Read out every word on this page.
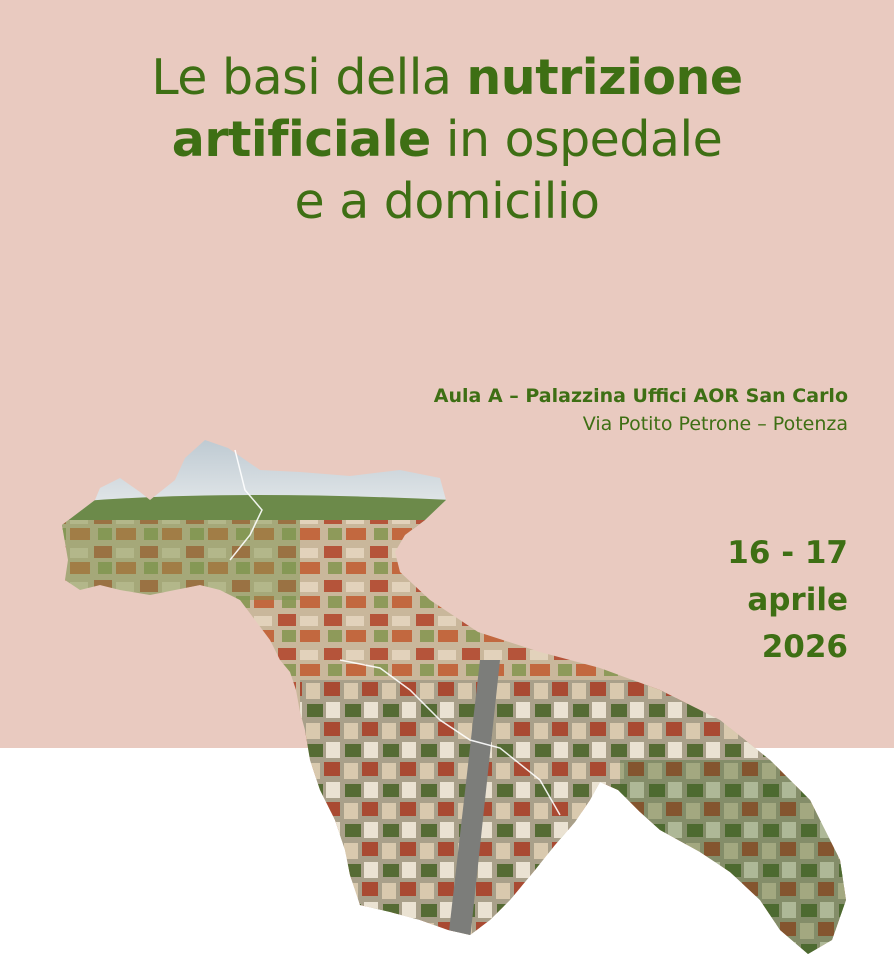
Le basi della nutrizione
artificiale in ospedale
e a domicilio
Aula A – Palazzina Uffici AOR San Carlo
Via Potito Petrone – Potenza
16 - 17
aprile
2026
